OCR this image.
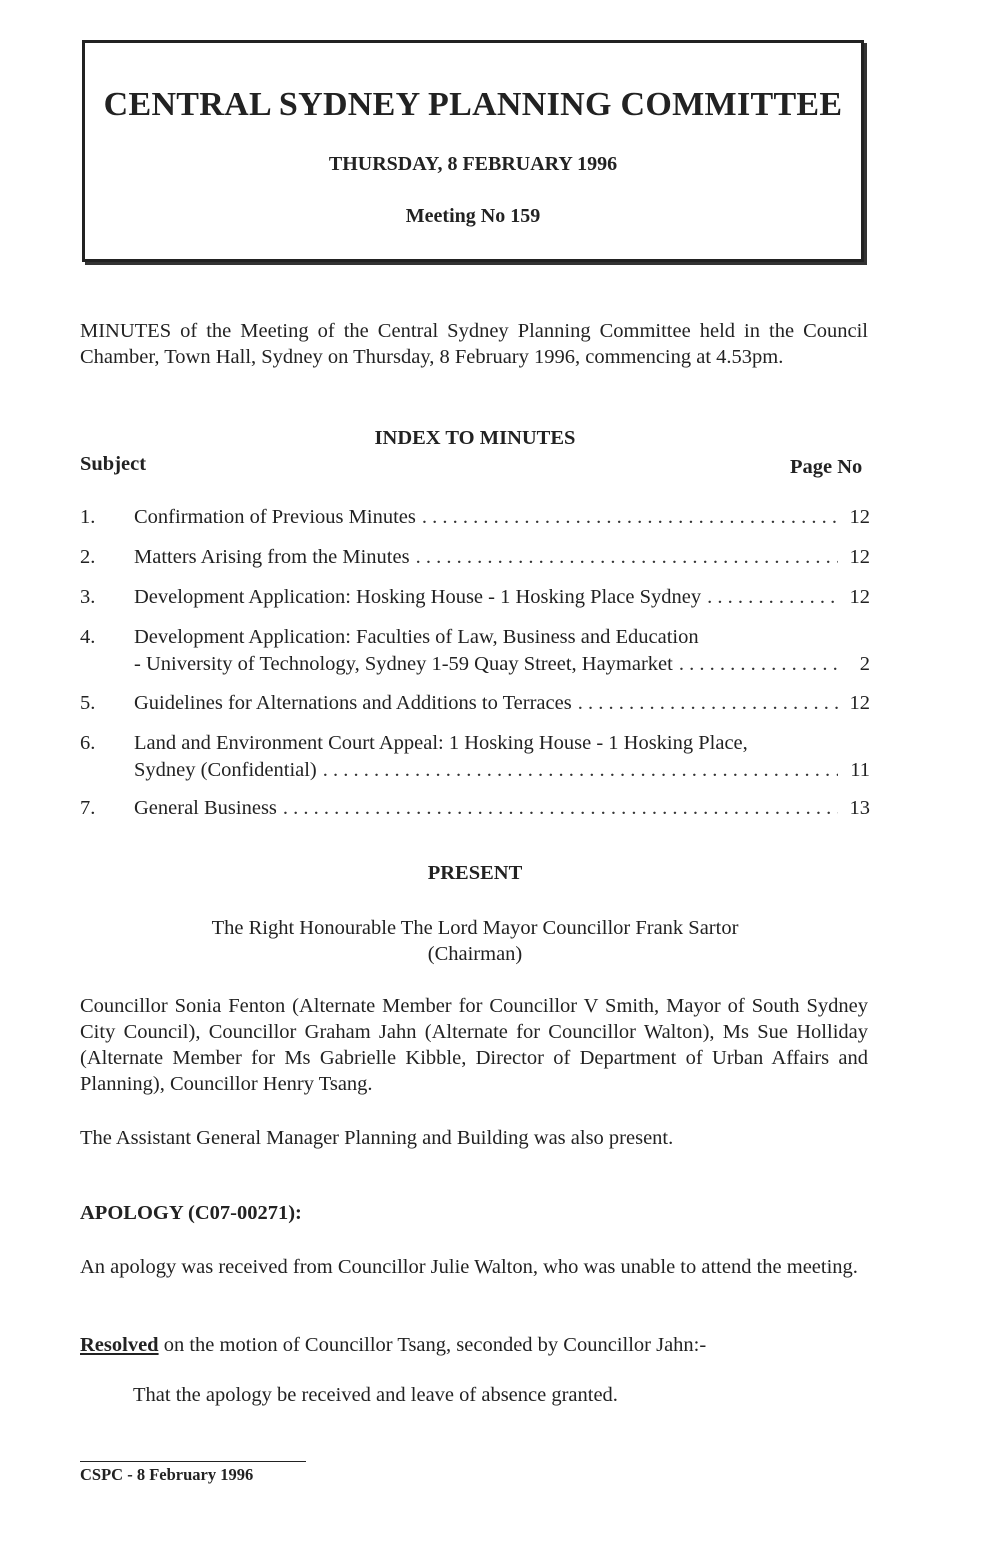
CENTRAL SYDNEY PLANNING COMMITTEE
THURSDAY, 8 FEBRUARY 1996
Meeting No 159

MINUTES of the Meeting of the Central Sydney Planning Committee held in the Council Chamber, Town Hall, Sydney on Thursday, 8 February 1996, commencing at 4.53pm.

INDEX TO MINUTES
Subject	Page No
1.	Confirmation of Previous Minutes . . .	12
2.	Matters Arising from the Minutes . . .	12
3.	Development Application: Hosking House - 1 Hosking Place Sydney . . .	12
4.	Development Application: Faculties of Law, Business and Education
- University of Technology, Sydney 1-59 Quay Street, Haymarket . . .	2
5.	Guidelines for Alternations and Additions to Terraces . . .	12
6.	Land and Environment Court Appeal: 1 Hosking House - 1 Hosking Place,
Sydney (Confidential) . . .	11
7.	General Business . . .	13
PRESENT
The Right Honourable The Lord Mayor Councillor Frank Sartor
(Chairman)

Councillor Sonia Fenton (Alternate Member for Councillor V Smith, Mayor of South Sydney City Council), Councillor Graham Jahn (Alternate for Councillor Walton), Ms Sue Holliday (Alternate Member for Ms Gabrielle Kibble, Director of Department of Urban Affairs and Planning), Councillor Henry Tsang.

The Assistant General Manager Planning and Building was also present.

APOLOGY (C07-00271):

An apology was received from Councillor Julie Walton, who was unable to attend the meeting.

Resolved on the motion of Councillor Tsang, seconded by Councillor Jahn:-

That the apology be received and leave of absence granted.

CSPC - 8 February 1996
